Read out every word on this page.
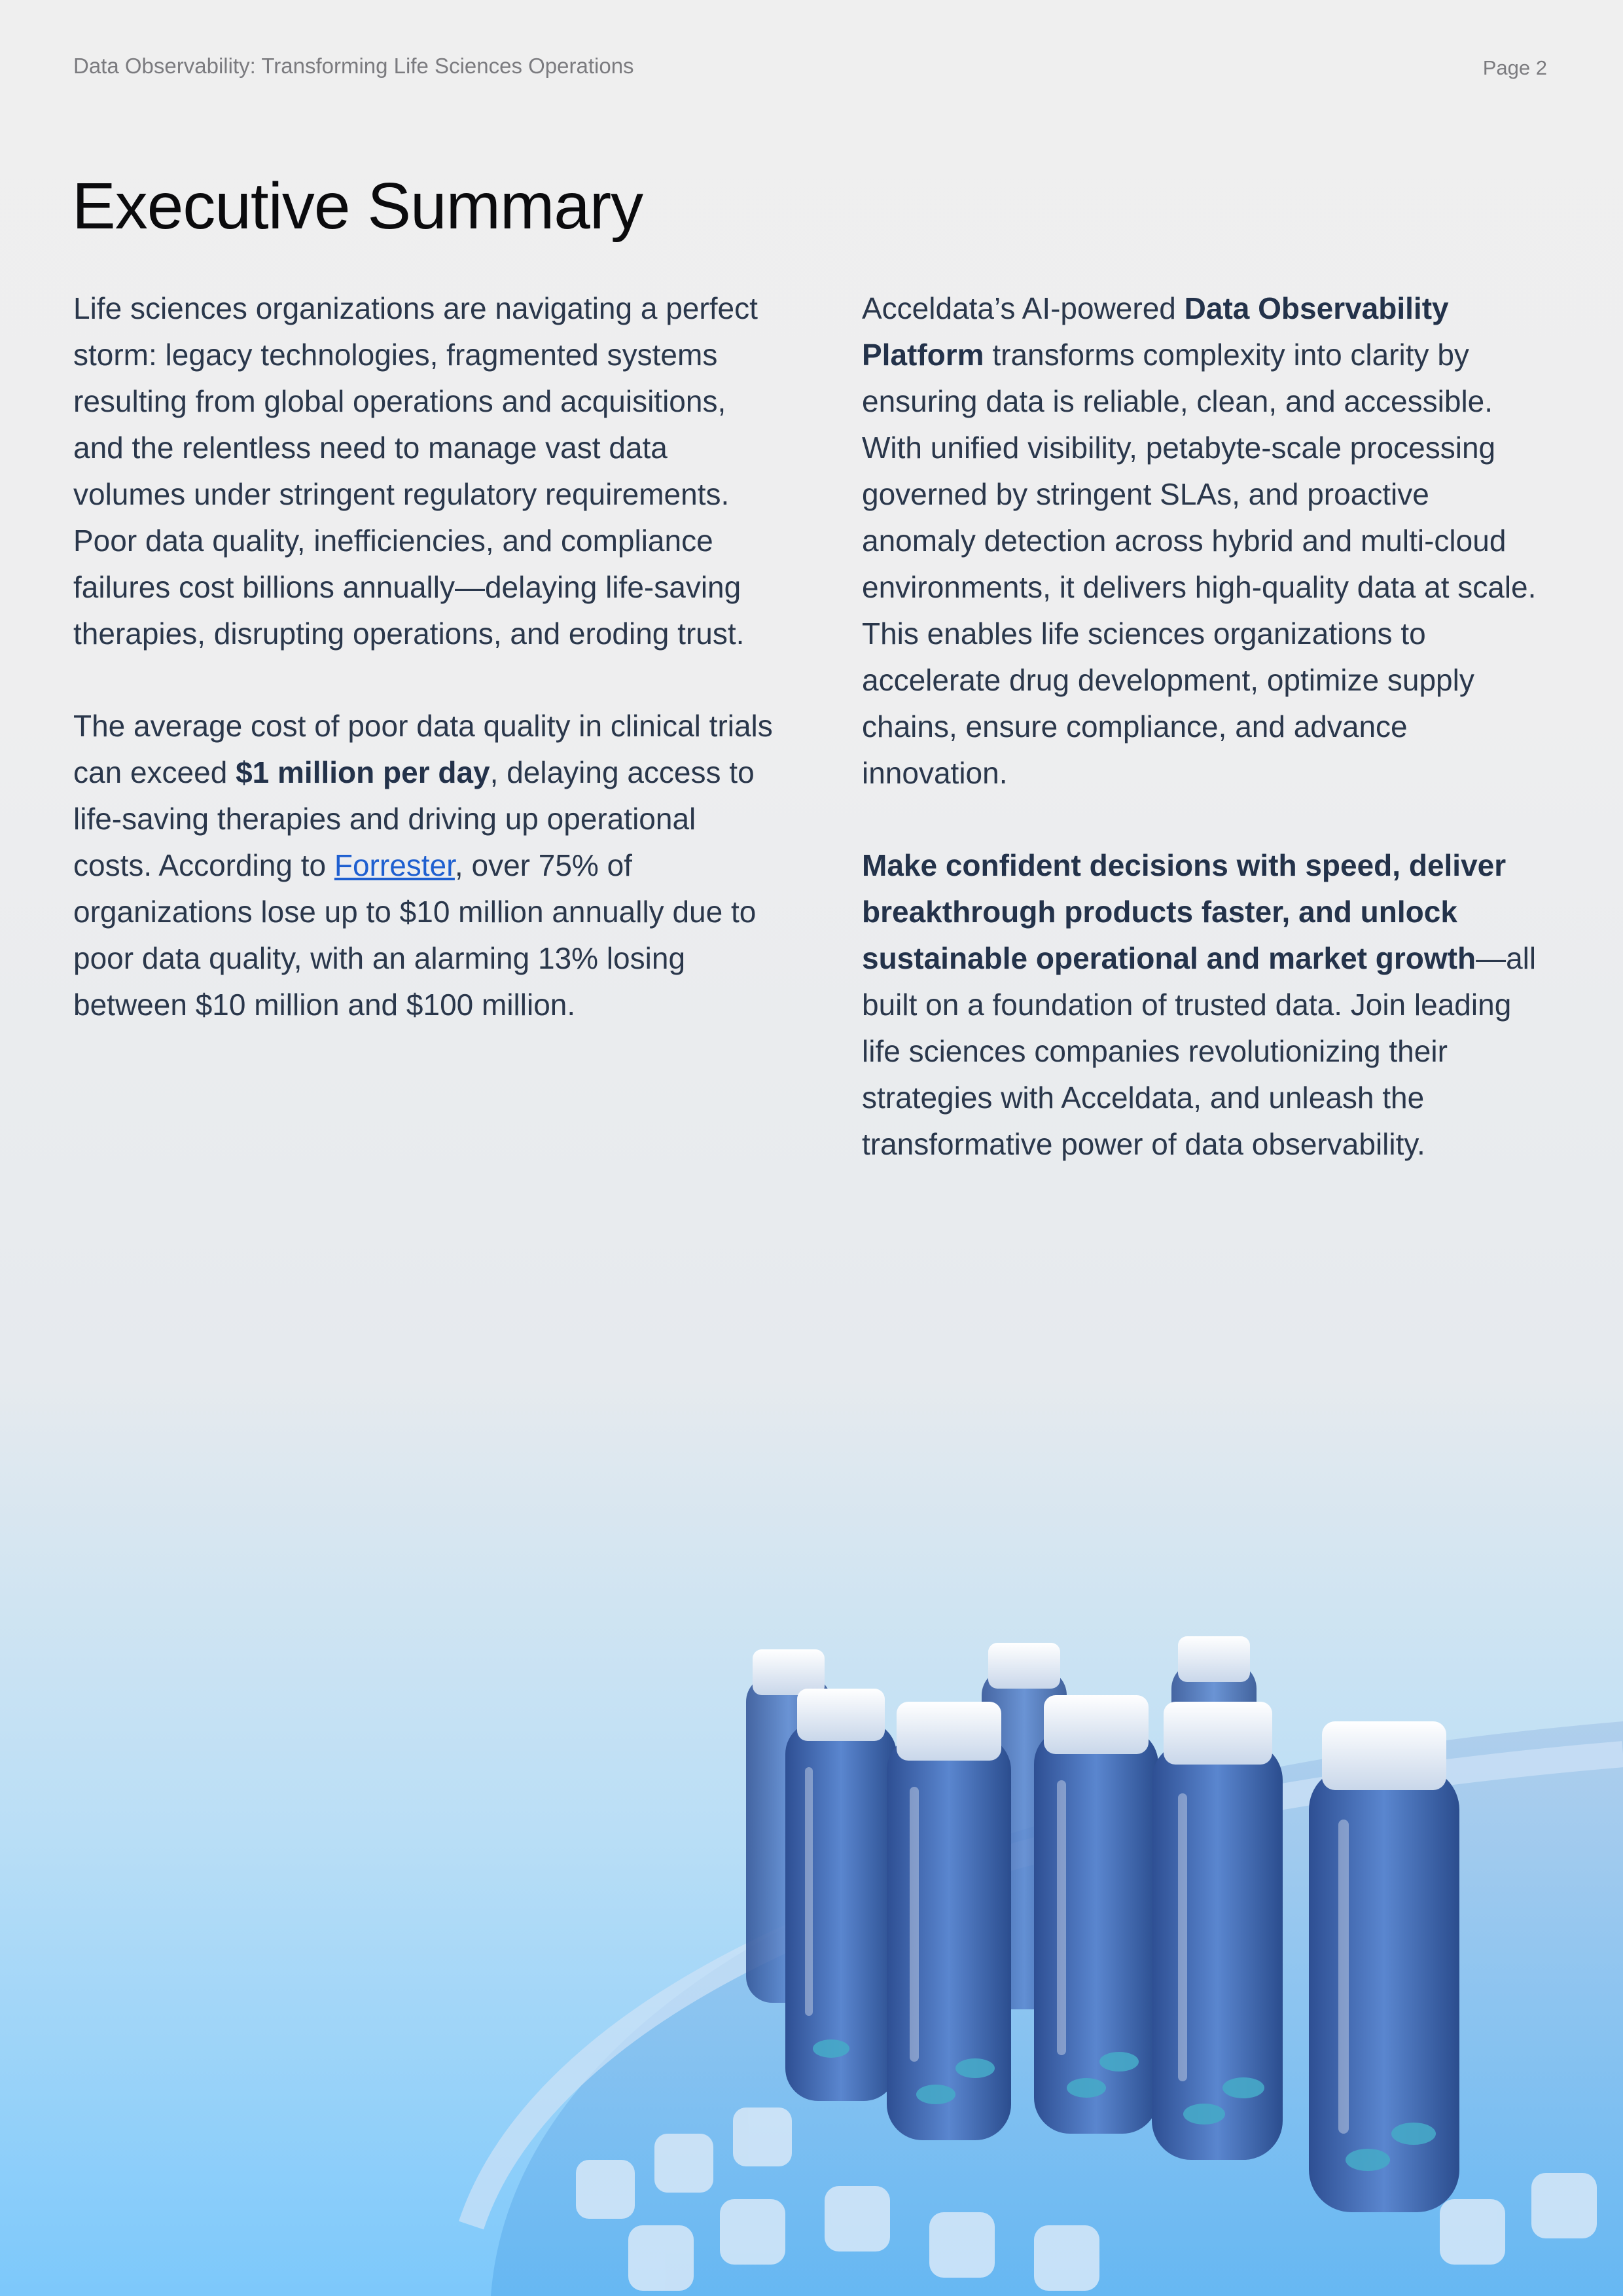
Data Observability: Transforming Life Sciences Operations	Page 2
Executive Summary

Life sciences organizations are navigating a perfect storm: legacy technologies, fragmented systems resulting from global operations and acquisitions, and the relentless need to manage vast data volumes under stringent regulatory requirements. Poor data quality, inefficiencies, and compliance failures cost billions annually—delaying life-saving therapies, disrupting operations, and eroding trust.

The average cost of poor data quality in clinical trials can exceed $1 million per day, delaying access to life-saving therapies and driving up operational costs. According to Forrester, over 75% of organizations lose up to $10 million annually due to poor data quality, with an alarming 13% losing between $10 million and $100 million.

Acceldata’s AI-powered Data Observability Platform transforms complexity into clarity by ensuring data is reliable, clean, and accessible. With unified visibility, petabyte-scale processing governed by stringent SLAs, and proactive anomaly detection across hybrid and multi-cloud environments, it delivers high-quality data at scale. This enables life sciences organizations to accelerate drug development, optimize supply chains, ensure compliance, and advance innovation.

Make confident decisions with speed, deliver breakthrough products faster, and unlock sustainable operational and market growth—all built on a foundation of trusted data. Join leading life sciences companies revolutionizing their strategies with Acceldata, and unleash the transformative power of data observability.
